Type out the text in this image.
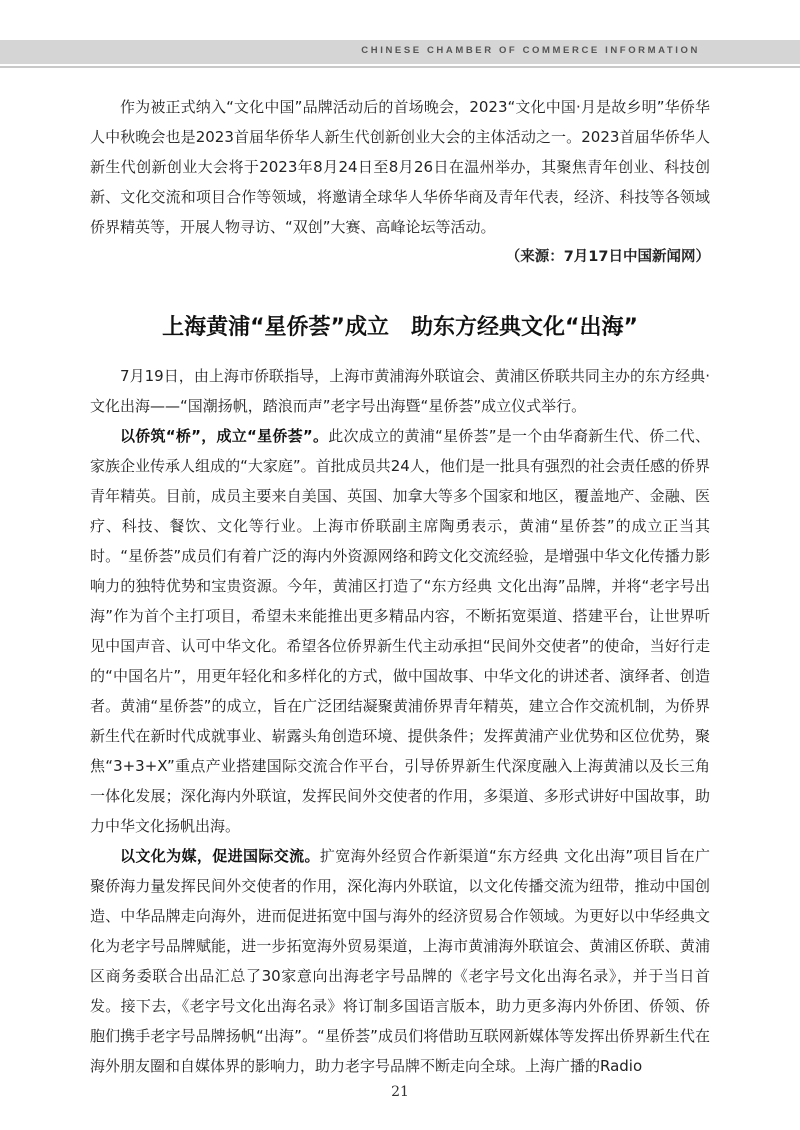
CHINESE CHAMBER OF COMMERCE INFORMATION

作为被正式纳入“文化中国”品牌活动后的首场晚会，2023“文化中国·月是故乡明”华侨华人中秋晚会也是2023首届华侨华人新生代创新创业大会的主体活动之一。2023首届华侨华人新生代创新创业大会将于2023年8月24日至8月26日在温州举办，其聚焦青年创业、科技创新、文化交流和项目合作等领域，将邀请全球华人华侨华商及青年代表，经济、科技等各领域侨界精英等，开展人物寻访、“双创”大赛、高峰论坛等活动。

（来源：7月17日中国新闻网）

上海黄浦“星侨荟”成立　助东方经典文化“出海”

7月19日，由上海市侨联指导，上海市黄浦海外联谊会、黄浦区侨联共同主办的东方经典·文化出海——“国潮扬帆，踏浪而声”老字号出海暨“星侨荟”成立仪式举行。

以侨筑“桥”，成立“星侨荟”。此次成立的黄浦“星侨荟”是一个由华裔新生代、侨二代、家族企业传承人组成的“大家庭”。首批成员共24人，他们是一批具有强烈的社会责任感的侨界青年精英。目前，成员主要来自美国、英国、加拿大等多个国家和地区，覆盖地产、金融、医疗、科技、餐饮、文化等行业。上海市侨联副主席陶勇表示，黄浦“星侨荟”的成立正当其时。“星侨荟”成员们有着广泛的海内外资源网络和跨文化交流经验，是增强中华文化传播力影响力的独特优势和宝贵资源。今年，黄浦区打造了“东方经典 文化出海”品牌，并将“老字号出海”作为首个主打项目，希望未来能推出更多精品内容，不断拓宽渠道、搭建平台，让世界听见中国声音、认可中华文化。希望各位侨界新生代主动承担“民间外交使者”的使命，当好行走的“中国名片”，用更年轻化和多样化的方式，做中国故事、中华文化的讲述者、演绎者、创造者。黄浦“星侨荟”的成立，旨在广泛团结凝聚黄浦侨界青年精英，建立合作交流机制，为侨界新生代在新时代成就事业、崭露头角创造环境、提供条件；发挥黄浦产业优势和区位优势，聚焦“3+3+X”重点产业搭建国际交流合作平台，引导侨界新生代深度融入上海黄浦以及长三角一体化发展；深化海内外联谊，发挥民间外交使者的作用，多渠道、多形式讲好中国故事，助力中华文化扬帆出海。

以文化为媒，促进国际交流。扩宽海外经贸合作新渠道“东方经典 文化出海”项目旨在广聚侨海力量发挥民间外交使者的作用，深化海内外联谊，以文化传播交流为纽带，推动中国创造、中华品牌走向海外，进而促进拓宽中国与海外的经济贸易合作领域。为更好以中华经典文化为老字号品牌赋能，进一步拓宽海外贸易渠道，上海市黄浦海外联谊会、黄浦区侨联、黄浦区商务委联合出品汇总了30家意向出海老字号品牌的《老字号文化出海名录》，并于当日首发。接下去，《老字号文化出海名录》将订制多国语言版本，助力更多海内外侨团、侨领、侨胞们携手老字号品牌扬帆“出海”。“星侨荟”成员们将借助互联网新媒体等发挥出侨界新生代在海外朋友圈和自媒体界的影响力，助力老字号品牌不断走向全球。上海广播的Radio

21
